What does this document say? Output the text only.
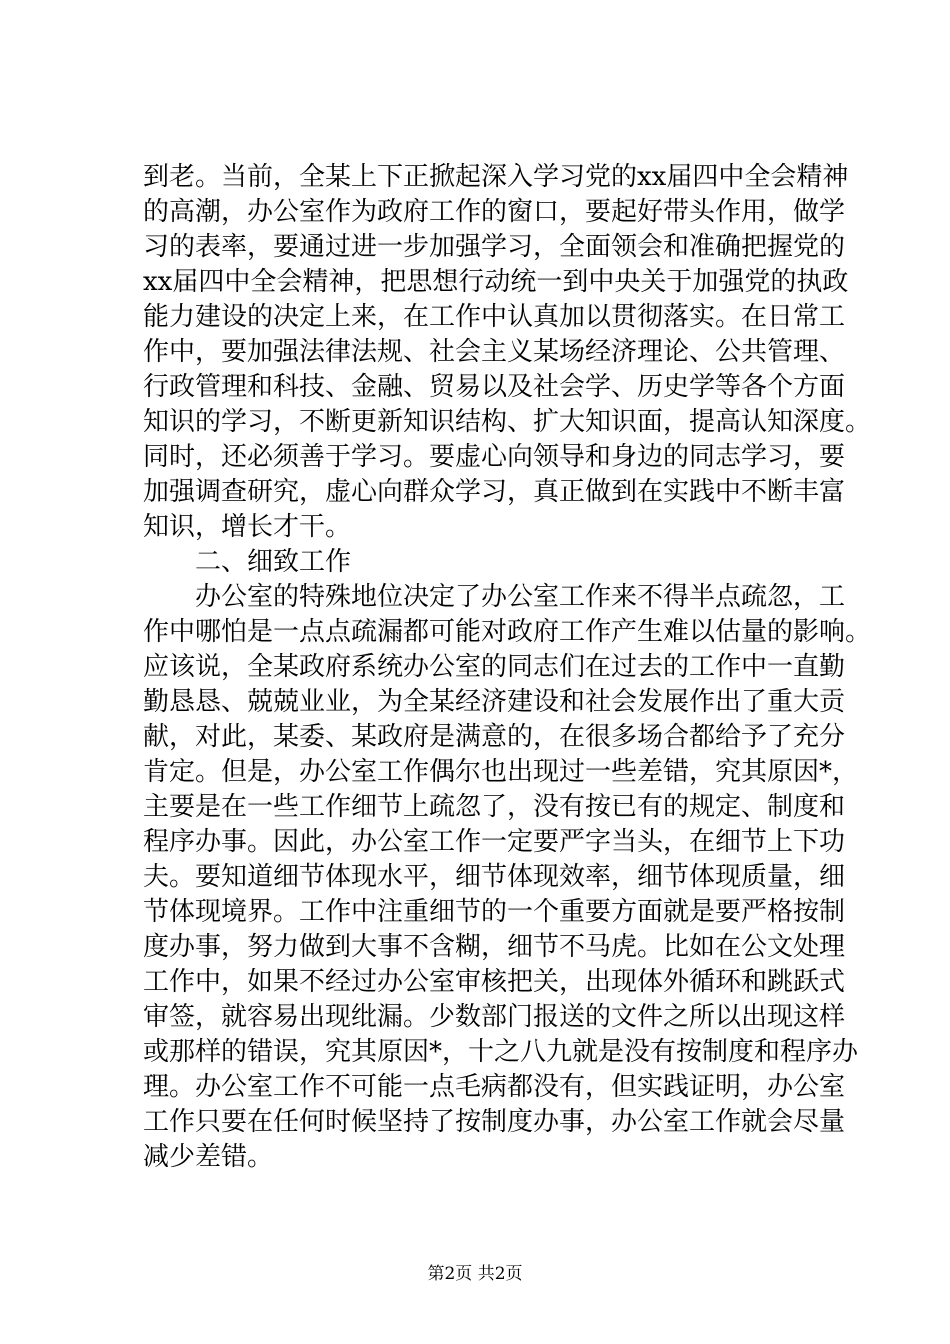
到老。当前，全某上下正掀起深入学习党的xx届四中全会精神
的高潮，办公室作为政府工作的窗口，要起好带头作用，做学
习的表率，要通过进一步加强学习，全面领会和准确把握党的
xx届四中全会精神，把思想行动统一到中央关于加强党的执政
能力建设的决定上来，在工作中认真加以贯彻落实。在日常工
作中，要加强法律法规、社会主义某场经济理论、公共管理、
行政管理和科技、金融、贸易以及社会学、历史学等各个方面
知识的学习，不断更新知识结构、扩大知识面，提高认知深度。
同时，还必须善于学习。要虚心向领导和身边的同志学习，要
加强调查研究，虚心向群众学习，真正做到在实践中不断丰富
知识，增长才干。
　　二、细致工作
　　办公室的特殊地位决定了办公室工作来不得半点疏忽，工
作中哪怕是一点点疏漏都可能对政府工作产生难以估量的影响。
应该说，全某政府系统办公室的同志们在过去的工作中一直勤
勤恳恳、兢兢业业，为全某经济建设和社会发展作出了重大贡
献，对此，某委、某政府是满意的，在很多场合都给予了充分
肯定。但是，办公室工作偶尔也出现过一些差错，究其原因*，
主要是在一些工作细节上疏忽了，没有按已有的规定、制度和
程序办事。因此，办公室工作一定要严字当头，在细节上下功
夫。要知道细节体现水平，细节体现效率，细节体现质量，细
节体现境界。工作中注重细节的一个重要方面就是要严格按制
度办事，努力做到大事不含糊，细节不马虎。比如在公文处理
工作中，如果不经过办公室审核把关，出现体外循环和跳跃式
审签，就容易出现纰漏。少数部门报送的文件之所以出现这样
或那样的错误，究其原因*，十之八九就是没有按制度和程序办
理。办公室工作不可能一点毛病都没有，但实践证明，办公室
工作只要在任何时候坚持了按制度办事，办公室工作就会尽量
减少差错。
第2页 共2页
